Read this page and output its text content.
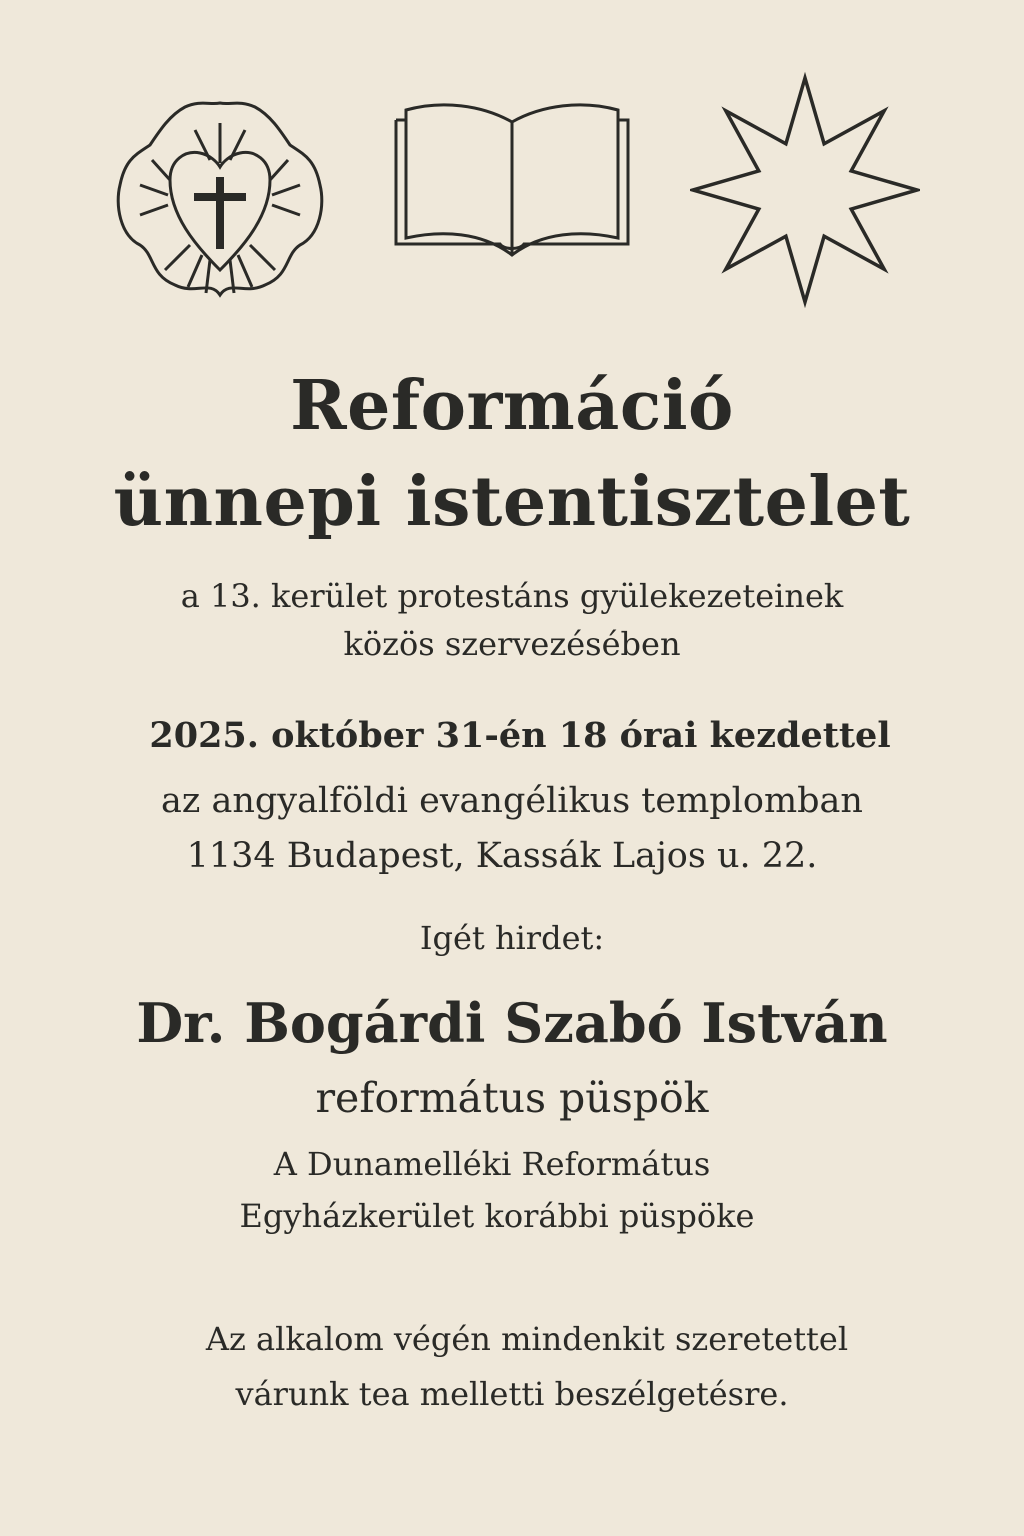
Reformáció
ünnepi istentisztelet
a 13. kerület protestáns gyülekezeteinek
közös szervezésében
2025. október 31-én 18 órai kezdettel
az angyalföldi evangélikus templomban
1134 Budapest, Kassák Lajos u. 22.
Igét hirdet:
Dr. Bogárdi Szabó István
református püspök
A Dunamelléki Református
Egyházkerület korábbi püspöke
Az alkalom végén mindenkit szeretettel
várunk tea melletti beszélgetésre.
